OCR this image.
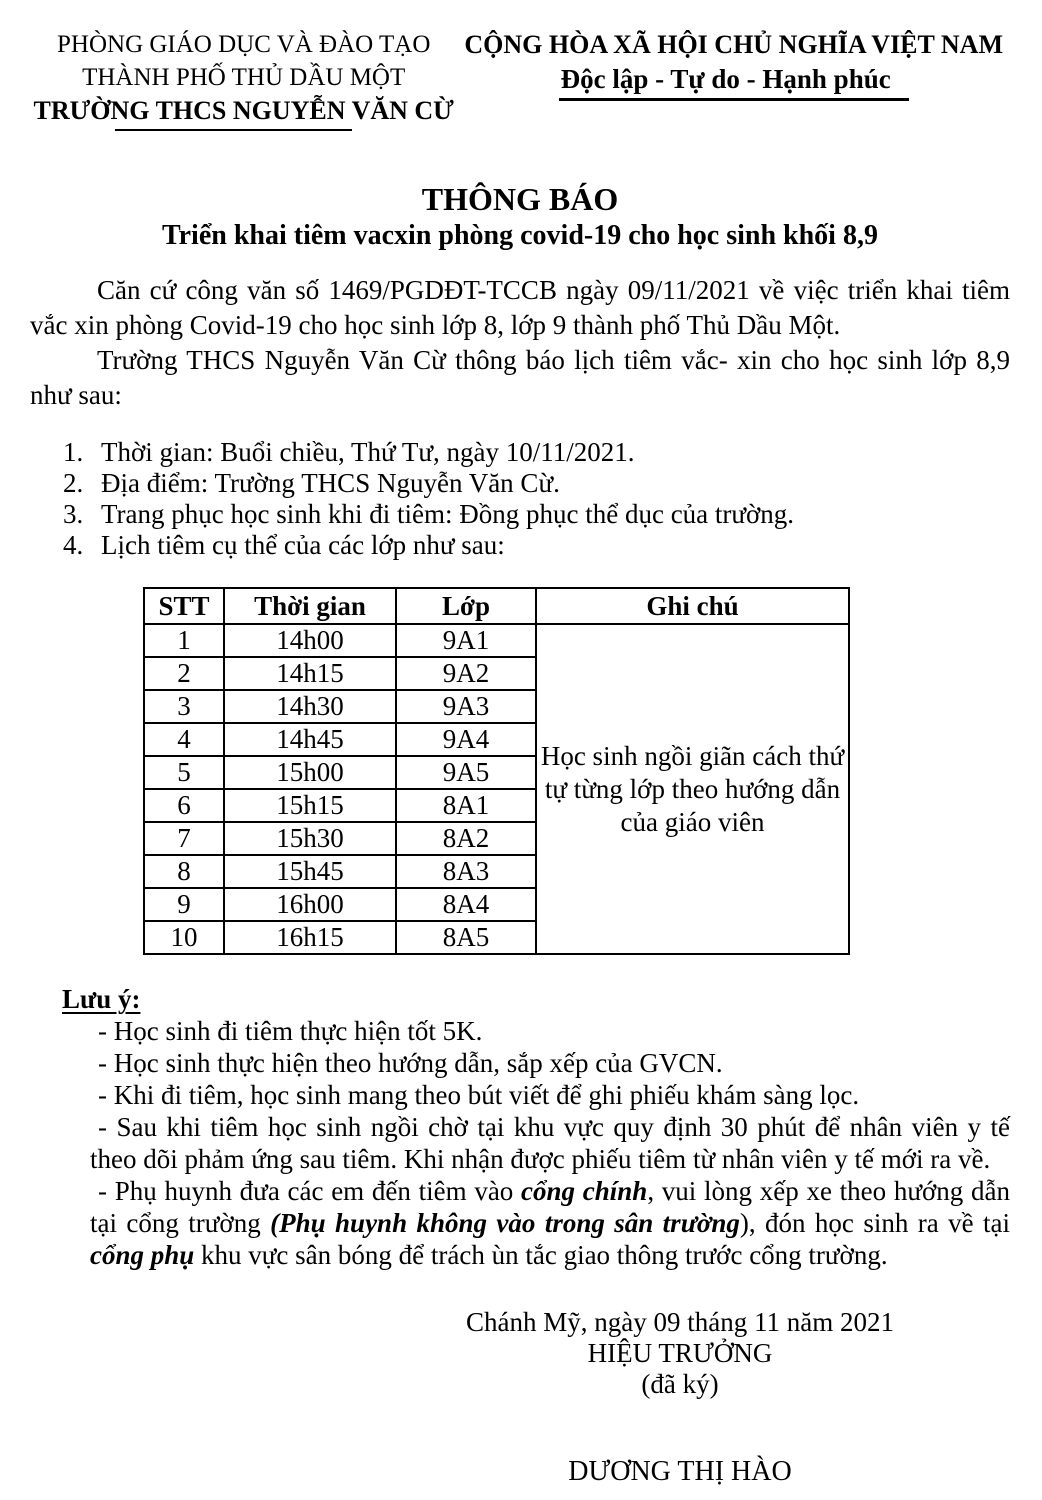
PHÒNG GIÁO DỤC VÀ ĐÀO TẠO
THÀNH PHỐ THỦ DẦU MỘT
TRƯỜNG THCS NGUYỄN VĂN CỪ
CỘNG HÒA XÃ HỘI CHỦ NGHĨA VIỆT NAM
Độc lập - Tự do - Hạnh phúc
THÔNG BÁO
Triển khai tiêm vacxin phòng covid-19 cho học sinh khối 8,9
Căn cứ công văn số 1469/PGDĐT-TCCB ngày 09/11/2021 về việc triển khai tiêm vắc xin phòng Covid-19 cho học sinh lớp 8, lớp 9 thành phố Thủ Dầu Một.
Trường THCS Nguyễn Văn Cừ thông báo lịch tiêm vắc- xin cho học sinh lớp 8,9 như sau:
1. Thời gian: Buổi chiều, Thứ Tư, ngày 10/11/2021.
2. Địa điểm: Trường THCS Nguyễn Văn Cừ.
3. Trang phục học sinh khi đi tiêm: Đồng phục thể dục của trường.
4. Lịch tiêm cụ thể của các lớp như sau:
STT	Thời gian	Lớp	Ghi chú
1	14h00	9A1	Học sinh ngồi giãn cách thứ tự từng lớp theo hướng dẫn của giáo viên
2	14h15	9A2	
3	14h30	9A3	
4	14h45	9A4	
5	15h00	9A5	
6	15h15	8A1	
7	15h30	8A2	
8	15h45	8A3	
9	16h00	8A4	
10	16h15	8A5	
Lưu ý:
- Học sinh đi tiêm thực hiện tốt 5K.
- Học sinh thực hiện theo hướng dẫn, sắp xếp của GVCN.
- Khi đi tiêm, học sinh mang theo bút viết để ghi phiếu khám sàng lọc.
- Sau khi tiêm học sinh ngồi chờ tại khu vực quy định 30 phút để nhân viên y tế theo dõi phảm ứng sau tiêm. Khi nhận được phiếu tiêm từ nhân viên y tế mới ra về.
- Phụ huynh đưa các em đến tiêm vào cổng chính, vui lòng xếp xe theo hướng dẫn tại cổng trường (Phụ huynh không vào trong sân trường), đón học sinh ra về tại cổng phụ khu vực sân bóng để trách ùn tắc giao thông trước cổng trường.
Chánh Mỹ, ngày 09 tháng 11 năm 2021
HIỆU TRƯỞNG
(đã ký)
DƯƠNG THỊ HÀO
